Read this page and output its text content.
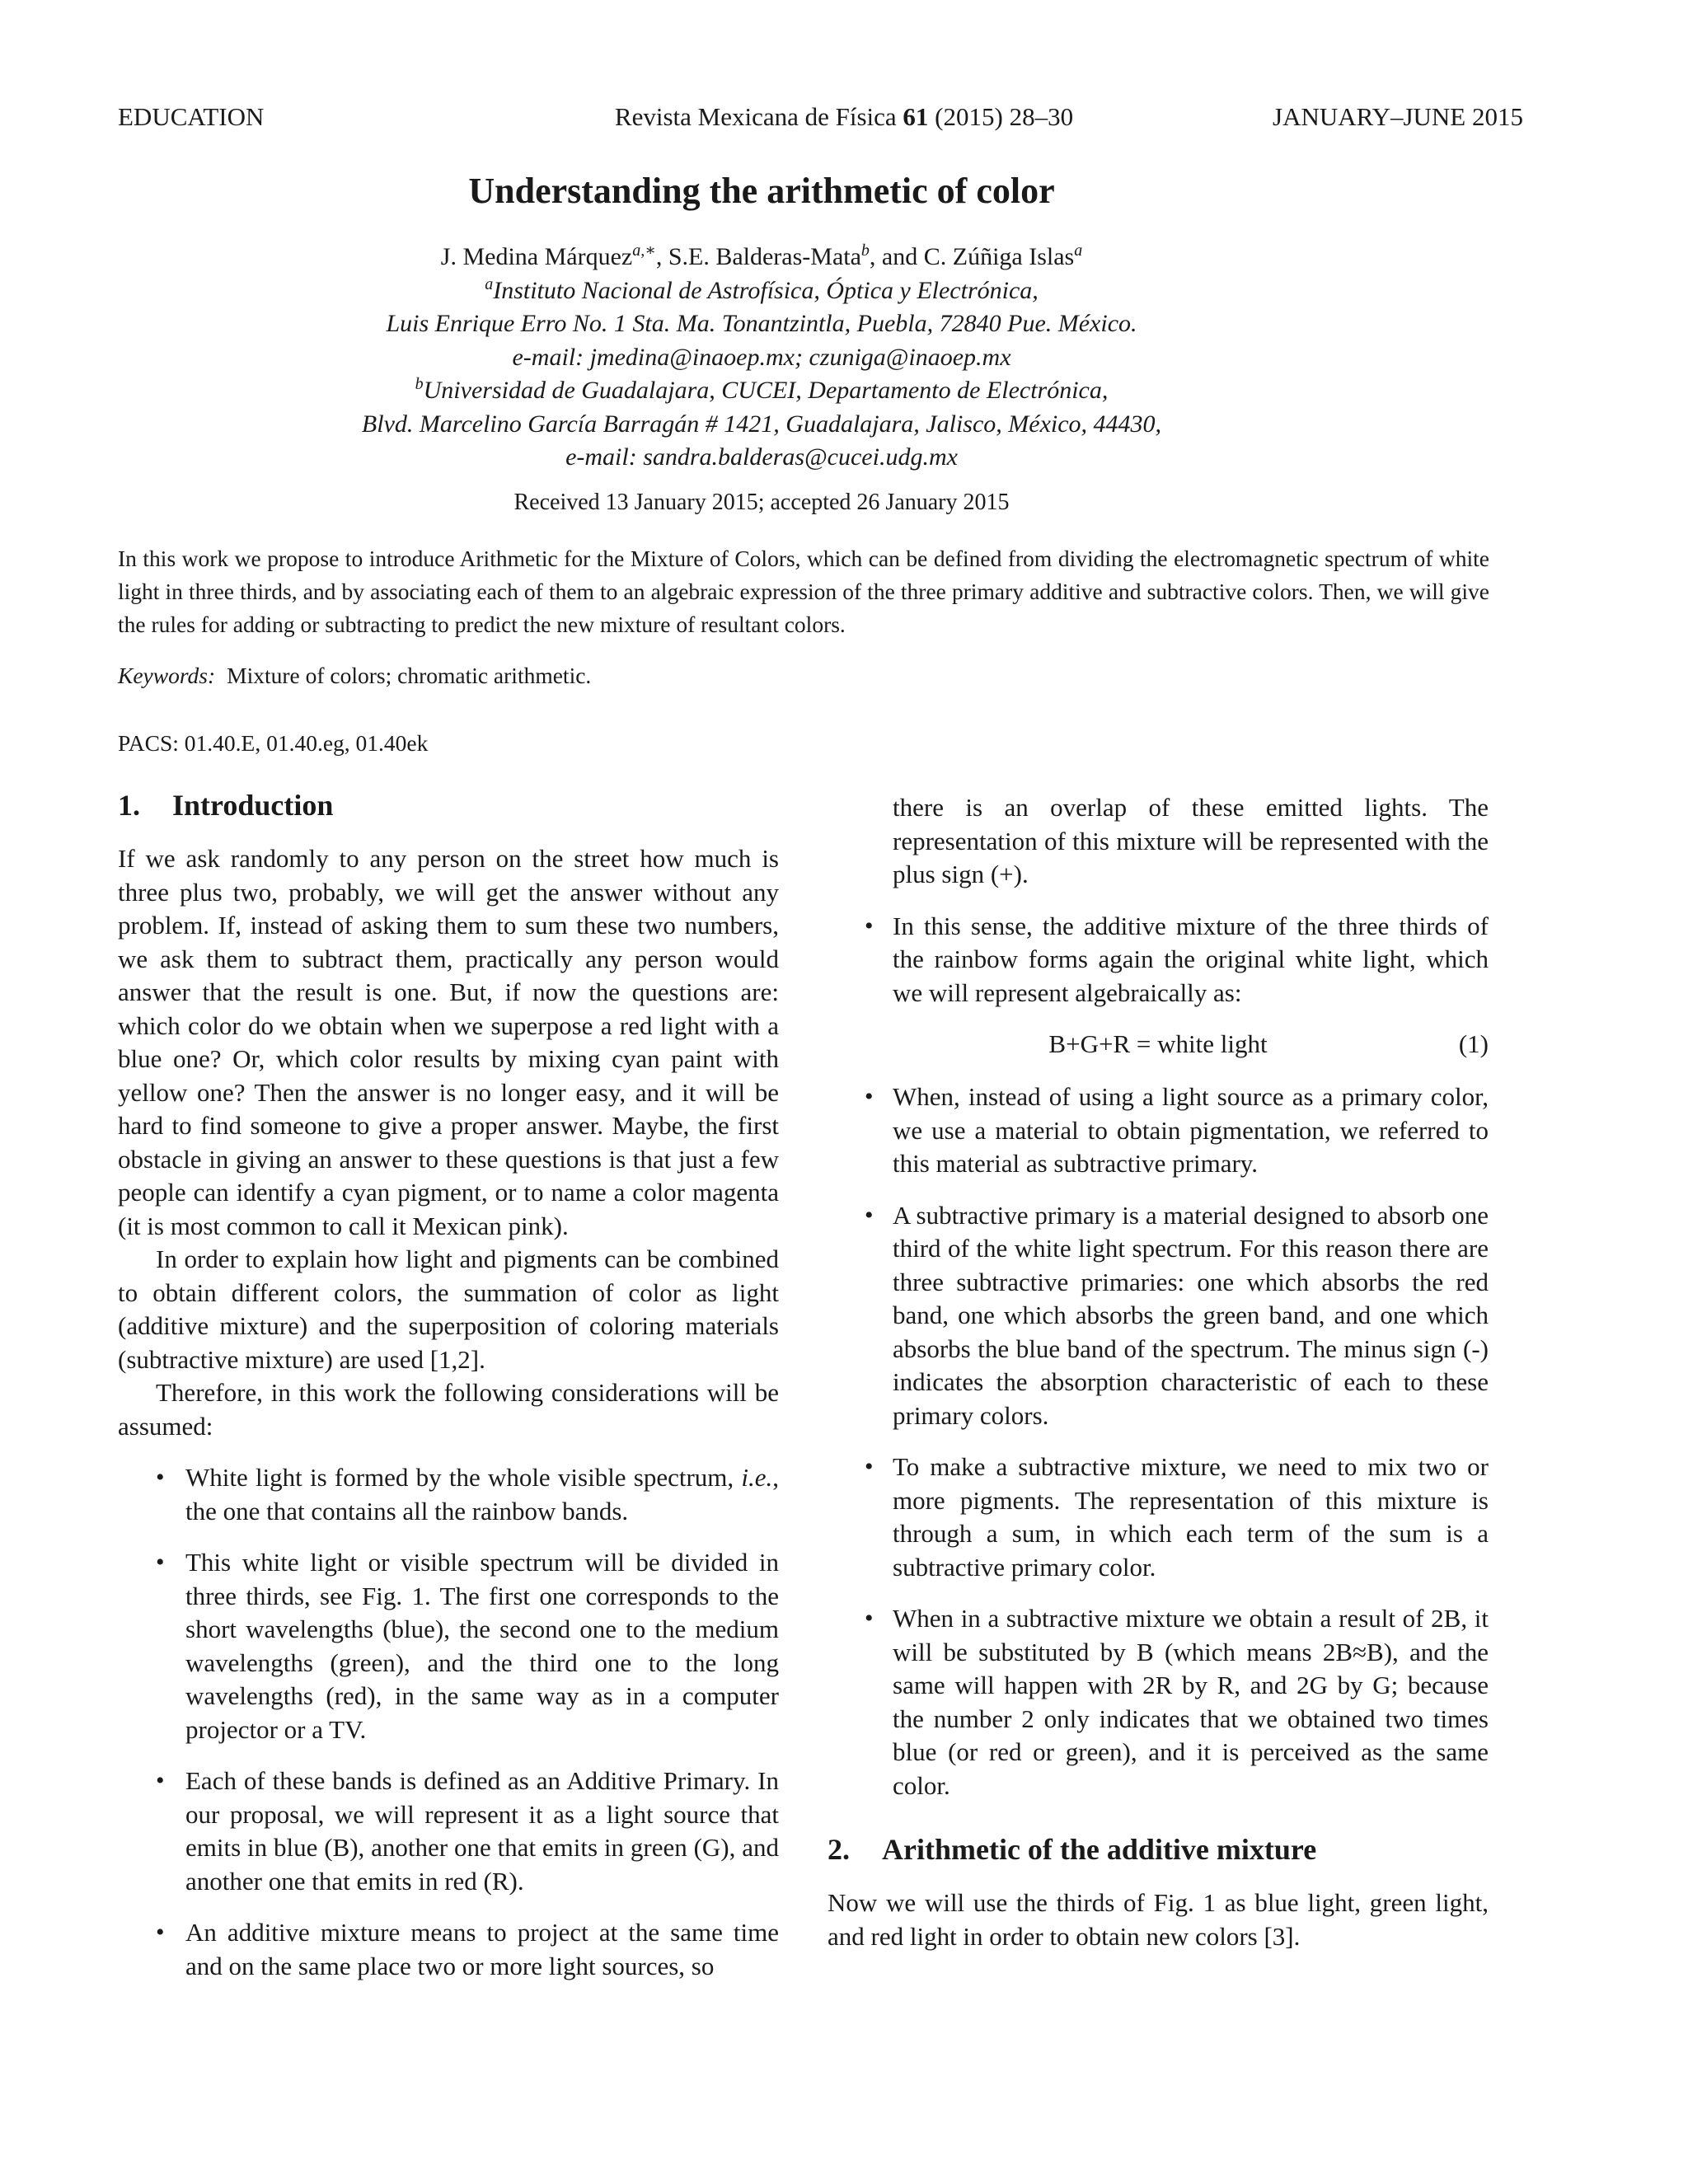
EDUCATION	Revista Mexicana de Física 61 (2015) 28–30	JANUARY–JUNE 2015
Understanding the arithmetic of color
J. Medina Márquez$^{a,∗}$, S.E. Balderas-Mata$^b$, and C. Zúñiga Islas$^a$
$^a$Instituto Nacional de Astrofísica, Óptica y Electrónica,
Luis Enrique Erro No. 1 Sta. Ma. Tonantzintla, Puebla, 72840 Pue. México.
e-mail: jmedina@inaoep.mx; czuniga@inaoep.mx
$^b$Universidad de Guadalajara, CUCEI, Departamento de Electrónica,
Blvd. Marcelino García Barragán # 1421, Guadalajara, Jalisco, México, 44430,
e-mail: sandra.balderas@cucei.udg.mx
Received 13 January 2015; accepted 26 January 2015

In this work we propose to introduce Arithmetic for the Mixture of Colors, which can be defined from dividing the electromagnetic spectrum of white light in three thirds, and by associating each of them to an algebraic expression of the three primary additive and subtractive colors. Then, we will give the rules for adding or subtracting to predict the new mixture of resultant colors.

Keywords: Mixture of colors; chromatic arithmetic.

PACS: 01.40.E, 01.40.eg, 01.40ek

1. Introduction

If we ask randomly to any person on the street how much is three plus two, probably, we will get the answer without any problem. If, instead of asking them to sum these two numbers, we ask them to subtract them, practically any person would answer that the result is one. But, if now the questions are: which color do we obtain when we superpose a red light with a blue one? Or, which color results by mixing cyan paint with yellow one? Then the answer is no longer easy, and it will be hard to find someone to give a proper answer. Maybe, the first obstacle in giving an answer to these questions is that just a few people can identify a cyan pigment, or to name a color magenta (it is most common to call it Mexican pink).

In order to explain how light and pigments can be combined to obtain different colors, the summation of color as light (additive mixture) and the superposition of coloring materials (subtractive mixture) are used [1,2].

Therefore, in this work the following considerations will be assumed:

• White light is formed by the whole visible spectrum, i.e., the one that contains all the rainbow bands.
• This white light or visible spectrum will be divided in three thirds, see Fig. 1. The first one corresponds to the short wavelengths (blue), the second one to the medium wavelengths (green), and the third one to the long wavelengths (red), in the same way as in a computer projector or a TV.
• Each of these bands is defined as an Additive Primary. In our proposal, we will represent it as a light source that emits in blue (B), another one that emits in green (G), and another one that emits in red (R).
• An additive mixture means to project at the same time and on the same place two or more light sources, so
there is an overlap of these emitted lights. The representation of this mixture will be represented with the plus sign (+).
• In this sense, the additive mixture of the three thirds of the rainbow forms again the original white light, which we will represent algebraically as:
B+G+R = white light	(1)
• When, instead of using a light source as a primary color, we use a material to obtain pigmentation, we referred to this material as subtractive primary.
• A subtractive primary is a material designed to absorb one third of the white light spectrum. For this reason there are three subtractive primaries: one which absorbs the red band, one which absorbs the green band, and one which absorbs the blue band of the spectrum. The minus sign (-) indicates the absorption characteristic of each to these primary colors.
• To make a subtractive mixture, we need to mix two or more pigments. The representation of this mixture is through a sum, in which each term of the sum is a subtractive primary color.
• When in a subtractive mixture we obtain a result of 2B, it will be substituted by B (which means 2B≈B), and the same will happen with 2R by R, and 2G by G; because the number 2 only indicates that we obtained two times blue (or red or green), and it is perceived as the same color.
2. Arithmetic of the additive mixture

Now we will use the thirds of Fig. 1 as blue light, green light, and red light in order to obtain new colors [3].
